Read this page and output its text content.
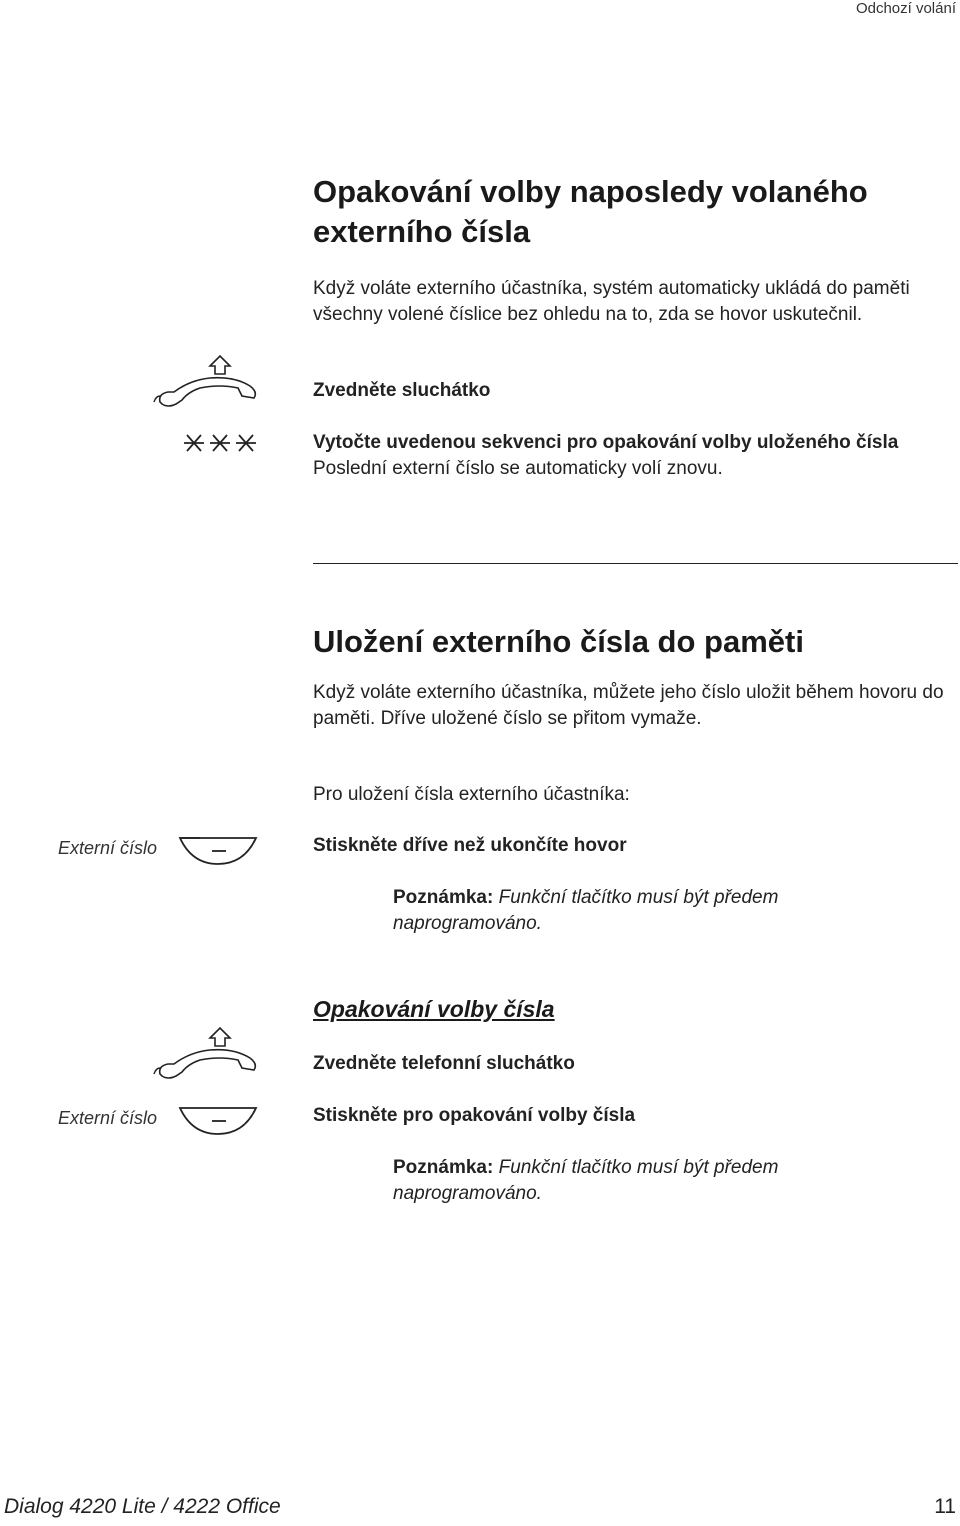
Odchozí volání
Opakování volby naposledy volaného externího čísla
Když voláte externího účastníka, systém automaticky ukládá do paměti všechny volené číslice bez ohledu na to, zda se hovor uskutečnil.
Zvedněte sluchátko
Vytočte uvedenou sekvenci pro opakování volby uloženého čísla
Poslední externí číslo se automaticky volí znovu.
Uložení externího čísla do paměti
Když voláte externího účastníka, můžete jeho číslo uložit během hovoru do paměti. Dříve uložené číslo se přitom vymaže.
Pro uložení čísla externího účastníka:
Externí číslo	Stiskněte dříve než ukončíte hovor
Poznámka: Funkční tlačítko musí být předem naprogramováno.
Opakování volby čísla
Zvedněte telefonní sluchátko
Externí číslo	Stiskněte pro opakování volby čísla
Poznámka: Funkční tlačítko musí být předem naprogramováno.
Dialog 4220 Lite / 4222 Office	11
